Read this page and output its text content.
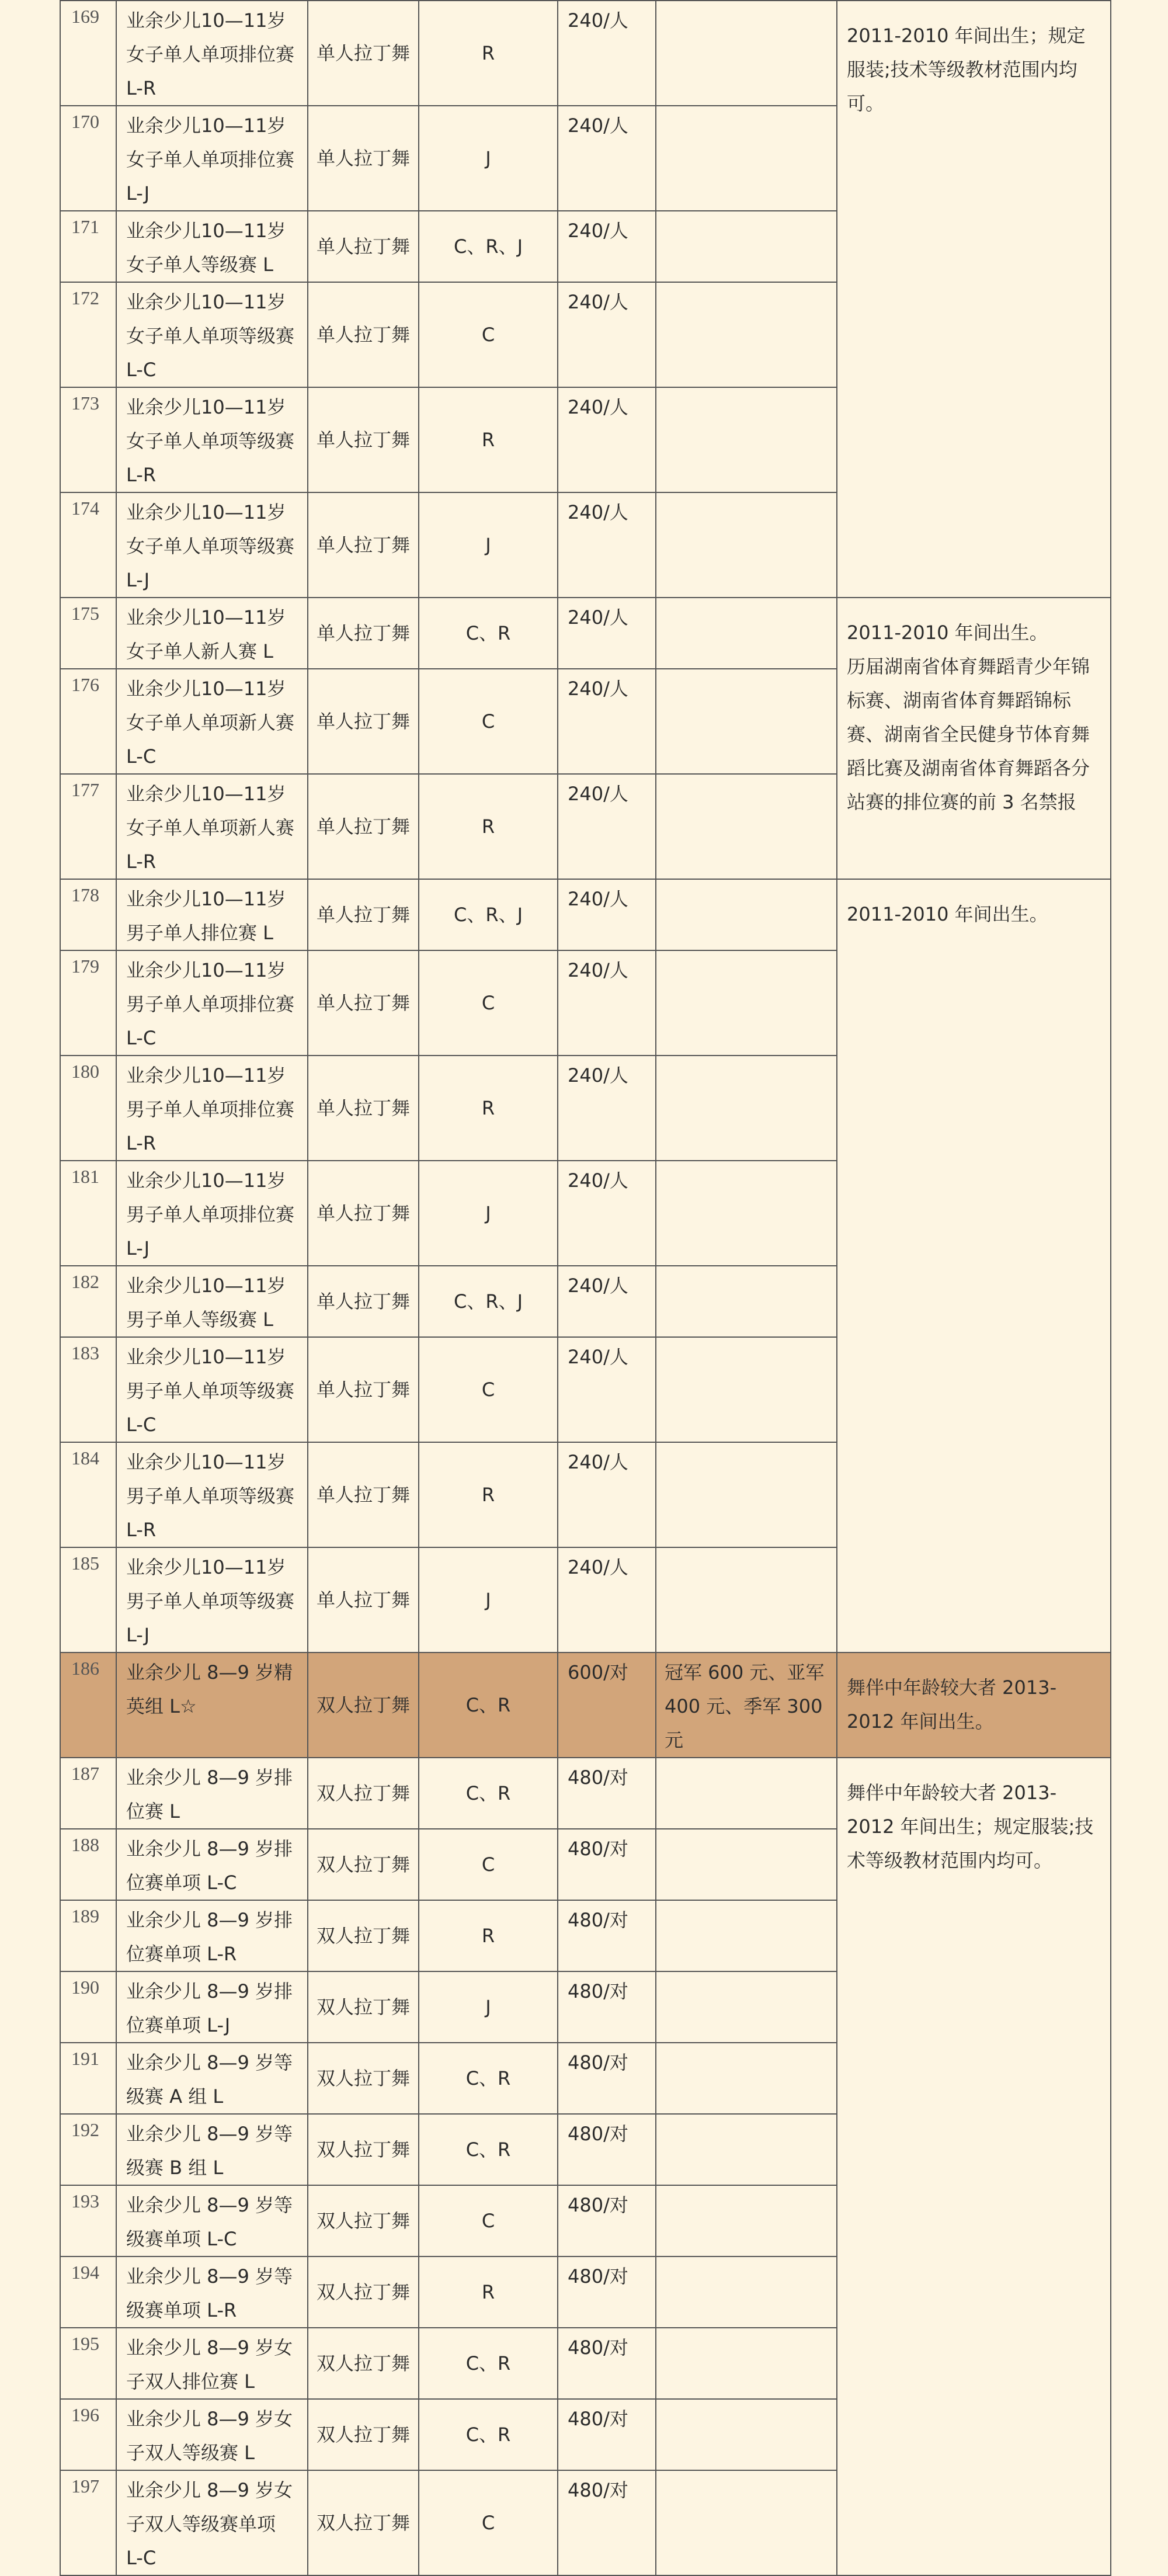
169	业余少儿10—11岁女子单人单项排位赛L-R	单人拉丁舞	R	240/人		2011-2010 年间出生；规定服装;技术等级教材范围内均可。
170	业余少儿10—11岁女子单人单项排位赛 L-J	单人拉丁舞	J	240/人		
171	业余少儿10—11岁女子单人等级赛 L	单人拉丁舞	C、R、J	240/人		
172	业余少儿10—11岁女子单人单项等级赛L-C	单人拉丁舞	C	240/人		
173	业余少儿10—11岁女子单人单项等级赛L-R	单人拉丁舞	R	240/人		
174	业余少儿10—11岁女子单人单项等级赛 L-J	单人拉丁舞	J	240/人		
175	业余少儿10—11岁女子单人新人赛 L	单人拉丁舞	C、R	240/人		2011-2010 年间出生。
历届湖南省体育舞蹈青少年锦标赛、湖南省体育舞蹈锦标赛、湖南省全民健身节体育舞蹈比赛及湖南省体育舞蹈各分站赛的排位赛的前 3 名禁报
176	业余少儿10—11岁女子单人单项新人赛L-C	单人拉丁舞	C	240/人		
177	业余少儿10—11岁女子单人单项新人赛L-R	单人拉丁舞	R	240/人		
178	业余少儿10—11岁男子单人排位赛 L	单人拉丁舞	C、R、J	240/人		2011-2010 年间出生。
179	业余少儿10—11岁男子单人单项排位赛L-C	单人拉丁舞	C	240/人		
180	业余少儿10—11岁男子单人单项排位赛L-R	单人拉丁舞	R	240/人		
181	业余少儿10—11岁男子单人单项排位赛 L-J	单人拉丁舞	J	240/人		
182	业余少儿10—11岁男子单人等级赛 L	单人拉丁舞	C、R、J	240/人		
183	业余少儿10—11岁男子单人单项等级赛L-C	单人拉丁舞	C	240/人		
184	业余少儿10—11岁男子单人单项等级赛L-R	单人拉丁舞	R	240/人		
185	业余少儿10—11岁男子单人单项等级赛 L-J	单人拉丁舞	J	240/人		
186	业余少儿 8—9 岁精英组 L☆	双人拉丁舞	C、R	600/对	冠军 600 元、亚军 400 元、季军 300 元	舞伴中年龄较大者 2013-2012 年间出生。
187	业余少儿 8—9 岁排位赛 L	双人拉丁舞	C、R	480/对		舞伴中年龄较大者 2013-2012 年间出生；规定服装;技术等级教材范围内均可。
188	业余少儿 8—9 岁排位赛单项 L-C	双人拉丁舞	C	480/对		
189	业余少儿 8—9 岁排位赛单项 L-R	双人拉丁舞	R	480/对		
190	业余少儿 8—9 岁排位赛单项 L-J	双人拉丁舞	J	480/对		
191	业余少儿 8—9 岁等级赛 A 组 L	双人拉丁舞	C、R	480/对		
192	业余少儿 8—9 岁等级赛 B 组 L	双人拉丁舞	C、R	480/对		
193	业余少儿 8—9 岁等级赛单项 L-C	双人拉丁舞	C	480/对		
194	业余少儿 8—9 岁等级赛单项 L-R	双人拉丁舞	R	480/对		
195	业余少儿 8—9 岁女子双人排位赛 L	双人拉丁舞	C、R	480/对		
196	业余少儿 8—9 岁女子双人等级赛 L	双人拉丁舞	C、R	480/对		
197	业余少儿 8—9 岁女子双人等级赛单项 L-C	双人拉丁舞	C	480/对		
